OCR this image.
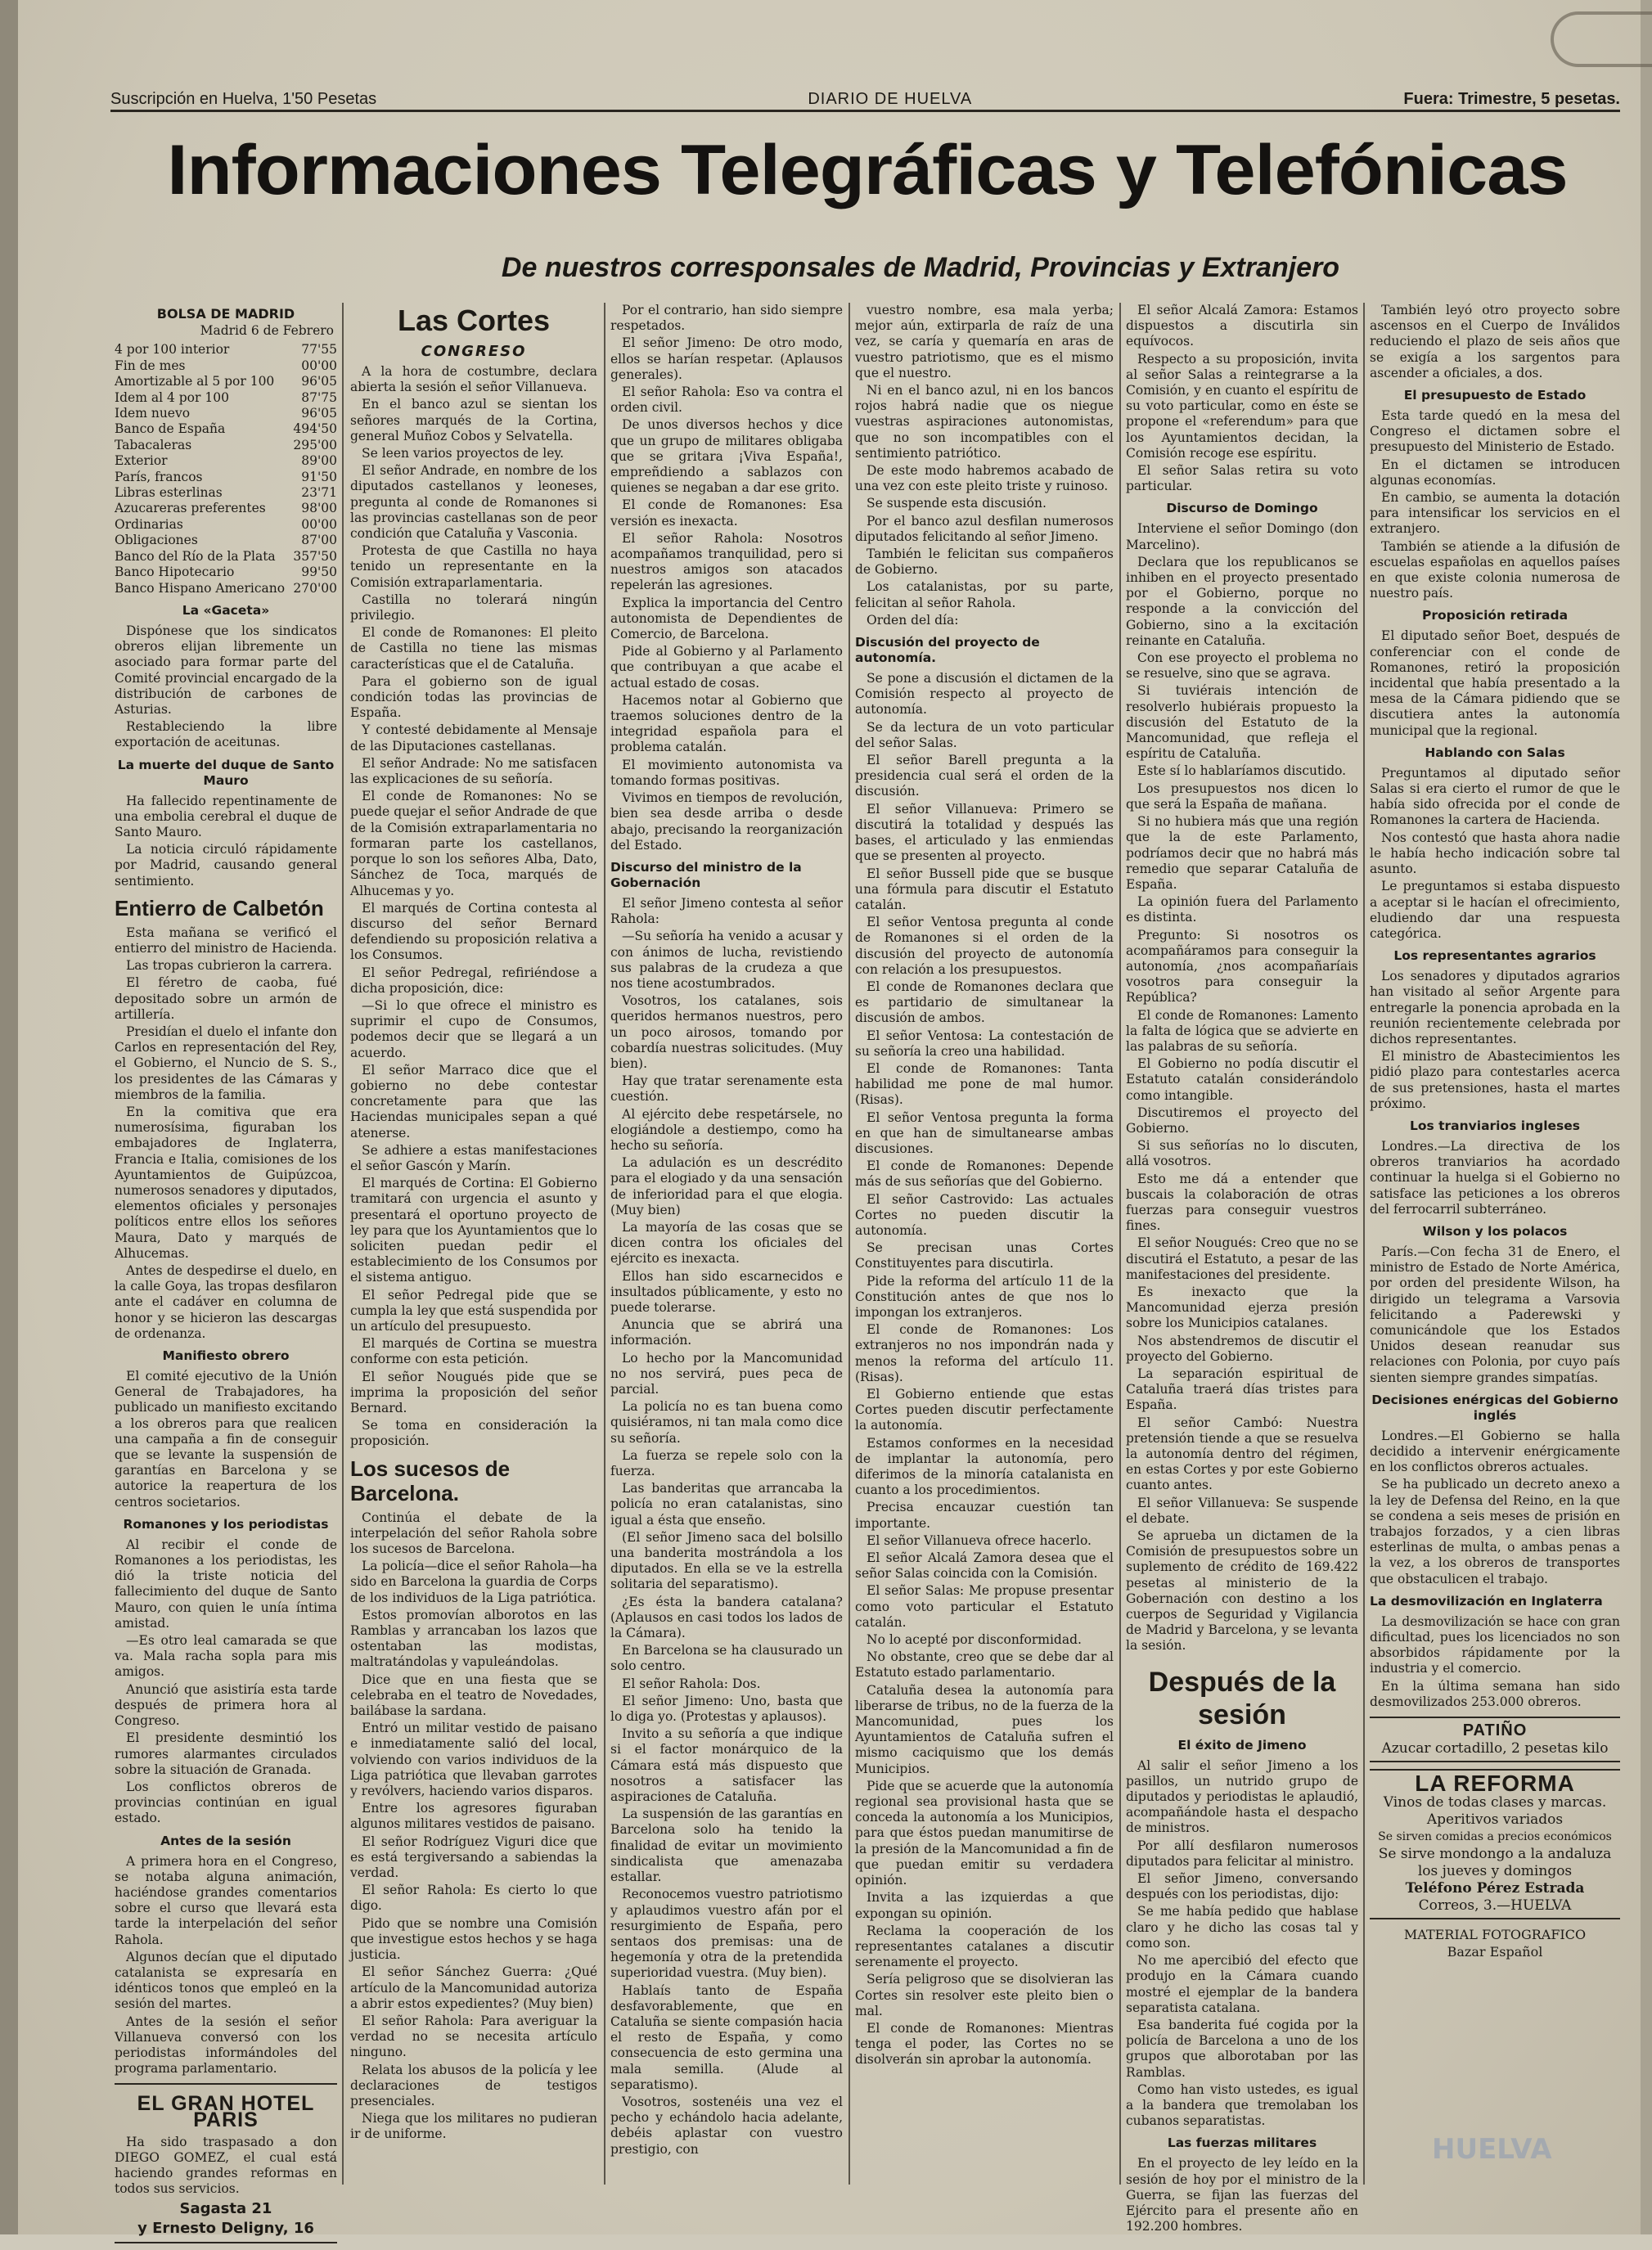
Suscripción en Huelva, 1'50 Pesetas	DIARIO DE HUELVA	Fuera: Trimestre, 5 pesetas.
Informaciones Telegráficas y Telefónicas
De nuestros corresponsales de Madrid, Provincias y Extranjero
BOLSA DE MADRID
Madrid 6 de Febrero
4 por 100 interior	77'55
Fin de mes	00'00
Amortizable al 5 por 100 96'05
Idem al 4 por 100	87'75
Idem nuevo	96'05
Banco de España	494'50
Tabacaleras	295'00
Exterior	89'00
París, francos	91'50
Libras esterlinas	23'71
Azucareras preferentes	98'00
Ordinarias	00'00
Obligaciones	87'00
Banco del Río de la Plata 357'50
Banco Hipotecario	99'50
Banco Hispano Americano 270'00
La «Gaceta»

Dispónese que los sindicatos obreros elijan libremente un asociado para formar parte del Comité provincial encargado de la distribución de carbones de Asturias.

Restableciendo la libre exportación de aceitunas.

La muerte del duque de Santo Mauro

Ha fallecido repentinamente de una embolia cerebral el duque de Santo Mauro.

La noticia circuló rápidamente por Madrid, causando general sentimiento.

Entierro de Calbetón

Esta mañana se verificó el entierro del ministro de Hacienda.

Las tropas cubrieron la carrera.

El féretro de caoba, fué depositado sobre un armón de artillería.

Presidían el duelo el infante don Carlos en representación del Rey, el Gobierno, el Nuncio de S. S., los presidentes de las Cámaras y miembros de la familia.

En la comitiva que era numerosísima, figuraban los embajadores de Inglaterra, Francia e Italia, comisiones de los Ayuntamientos de Guipúzcoa, numerosos senadores y diputados, elementos oficiales y personajes políticos entre ellos los señores Maura, Dato y marqués de Alhucemas.

Antes de despedirse el duelo, en la calle Goya, las tropas desfilaron ante el cadáver en columna de honor y se hicieron las descargas de ordenanza.

Manifiesto obrero

El comité ejecutivo de la Unión General de Trabajadores, ha publicado un manifiesto excitando a los obreros para que realicen una campaña a fin de conseguir que se levante la suspensión de garantías en Barcelona y se autorice la reapertura de los centros societarios.

Romanones y los periodistas

Al recibir el conde de Romanones a los periodistas, les dió la triste noticia del fallecimiento del duque de Santo Mauro, con quien le unía íntima amistad.

—Es otro leal camarada se que va. Mala racha sopla para mis amigos.

Anunció que asistiría esta tarde después de primera hora al Congreso.

El presidente desmintió los rumores alarmantes circulados sobre la situación de Granada.

Los conflictos obreros de provincias continúan en igual estado.

Antes de la sesión

A primera hora en el Congreso, se notaba alguna animación, haciéndose grandes comentarios sobre el curso que llevará esta tarde la interpelación del señor Rahola.

Algunos decían que el diputado catalanista se expresaría en idénticos tonos que empleó en la sesión del martes.

Antes de la sesión el señor Villanueva conversó con los periodistas informándoles del programa parlamentario.

EL GRAN HOTEL PARIS

Ha sido traspasado a don DIEGO GOMEZ, el cual está haciendo grandes reformas en todos sus servicios.

Sagasta 21
y Ernesto Deligny, 16
Las Cortes
CONGRESO

A la hora de costumbre, declara abierta la sesión el señor Villanueva.

En el banco azul se sientan los señores marqués de la Cortina, general Muñoz Cobos y Selvatella.

Se leen varios proyectos de ley.

El señor Andrade, en nombre de los diputados castellanos y leoneses, pregunta al conde de Romanones si las provincias castellanas son de peor condición que Cataluña y Vasconia.

Protesta de que Castilla no haya tenido un representante en la Comisión extraparlamentaria.

Castilla no tolerará ningún privilegio.

El conde de Romanones: El pleito de Castilla no tiene las mismas características que el de Cataluña.

Para el gobierno son de igual condición todas las provincias de España.

Y contesté debidamente al Mensaje de las Diputaciones castellanas.

El señor Andrade: No me satisfacen las explicaciones de su señoría.

El conde de Romanones: No se puede quejar el señor Andrade de que de la Comisión extraparlamentaria no formaran parte los castellanos, porque lo son los señores Alba, Dato, Sánchez de Toca, marqués de Alhucemas y yo.

El marqués de Cortina contesta al discurso del señor Bernard defendiendo su proposición relativa a los Consumos.

El señor Pedregal, refiriéndose a dicha proposición, dice:

—Si lo que ofrece el ministro es suprimir el cupo de Consumos, podemos decir que se llegará a un acuerdo.

El señor Marraco dice que el gobierno no debe contestar concretamente para que las Haciendas municipales sepan a qué atenerse.

Se adhiere a estas manifestaciones el señor Gascón y Marín.

El marqués de Cortina: El Gobierno tramitará con urgencia el asunto y presentará el oportuno proyecto de ley para que los Ayuntamientos que lo soliciten puedan pedir el establecimiento de los Consumos por el sistema antiguo.

El señor Pedregal pide que se cumpla la ley que está suspendida por un artículo del presupuesto.

El marqués de Cortina se muestra conforme con esta petición.

El señor Nougués pide que se imprima la proposición del señor Bernard.

Se toma en consideración la proposición.

Los sucesos de Barcelona.

Continúa el debate de la interpelación del señor Rahola sobre los sucesos de Barcelona.

La policía—dice el señor Rahola—ha sido en Barcelona la guardia de Corps de los individuos de la Liga patriótica.

Estos promovían alborotos en las Ramblas y arrancaban los lazos que ostentaban las modistas, maltratándolas y vapuleándolas.

Dice que en una fiesta que se celebraba en el teatro de Novedades, bailábase la sardana.

Entró un militar vestido de paisano e inmediatamente salió del local, volviendo con varios individuos de la Liga patriótica que llevaban garrotes y revólvers, haciendo varios disparos.

Entre los agresores figuraban algunos militares vestidos de paisano.

El señor Rodríguez Viguri dice que es está tergiversando a sabiendas la verdad.

El señor Rahola: Es cierto lo que digo.

Pido que se nombre una Comisión que investigue estos hechos y se haga justicia.

El señor Sánchez Guerra: ¿Qué artículo de la Mancomunidad autoriza a abrir estos expedientes? (Muy bien)

El señor Rahola: Para averiguar la verdad no se necesita artículo ninguno.

Relata los abusos de la policía y lee declaraciones de testigos presenciales.

Niega que los militares no pudieran ir de uniforme.

Por el contrario, han sido siempre respetados.

El señor Jimeno: De otro modo, ellos se harían respetar. (Aplausos generales).

El señor Rahola: Eso va contra el orden civil.

De unos diversos hechos y dice que un grupo de militares obligaba que se gritara ¡Viva España!, empreñdiendo a sablazos con quienes se negaban a dar ese grito.

El conde de Romanones: Esa versión es inexacta.

El señor Rahola: Nosotros acompañamos tranquilidad, pero si nuestros amigos son atacados repelerán las agresiones.

Explica la importancia del Centro autonomista de Dependientes de Comercio, de Barcelona.

Pide al Gobierno y al Parlamento que contribuyan a que acabe el actual estado de cosas.

Hacemos notar al Gobierno que traemos soluciones dentro de la integridad española para el problema catalán.

El movimiento autonomista va tomando formas positivas.

Vivimos en tiempos de revolución, bien sea desde arriba o desde abajo, precisando la reorganización del Estado.

Discurso del ministro de la Gobernación

El señor Jimeno contesta al señor Rahola:

—Su señoría ha venido a acusar y con ánimos de lucha, revistiendo sus palabras de la crudeza a que nos tiene acostumbrados.

Vosotros, los catalanes, sois queridos hermanos nuestros, pero un poco airosos, tomando por cobardía nuestras solicitudes. (Muy bien).

Hay que tratar serenamente esta cuestión.

Al ejército debe respetársele, no elogiándole a destiempo, como ha hecho su señoría.

La adulación es un descrédito para el elogiado y da una sensación de inferioridad para el que elogia. (Muy bien)

La mayoría de las cosas que se dicen contra los oficiales del ejército es inexacta.

Ellos han sido escarnecidos e insultados públicamente, y esto no puede tolerarse.

Anuncia que se abrirá una información.

Lo hecho por la Mancomunidad no nos servirá, pues peca de parcial.

La policía no es tan buena como quisiéramos, ni tan mala como dice su señoría.

La fuerza se repele solo con la fuerza.

Las banderitas que arrancaba la policía no eran catalanistas, sino igual a ésta que enseño.

(El señor Jimeno saca del bolsillo una banderita mostrándola a los diputados. En ella se ve la estrella solitaria del separatismo).

¿Es ésta la bandera catalana? (Aplausos en casi todos los lados de la Cámara).

En Barcelona se ha clausurado un solo centro.

El señor Rahola: Dos.

El señor Jimeno: Uno, basta que lo diga yo. (Protestas y aplausos).

Invito a su señoría a que indique si el factor monárquico de la Cámara está más dispuesto que nosotros a satisfacer las aspiraciones de Cataluña.

La suspensión de las garantías en Barcelona solo ha tenido la finalidad de evitar un movimiento sindicalista que amenazaba estallar.

Reconocemos vuestro patriotismo y aplaudimos vuestro afán por el resurgimiento de España, pero sentaos dos premisas: una de hegemonía y otra de la pretendida superioridad vuestra. (Muy bien).

Hablaís tanto de España desfavorablemente, que en Cataluña se siente compasión hacia el resto de España, y como consecuencia de esto germina una mala semilla. (Alude al separatismo).

Vosotros, sostenéis una vez el pecho y echándolo hacia adelante, debéis aplastar con vuestro prestigio, con

vuestro nombre, esa mala yerba; mejor aún, extirparla de raíz de una vez, se caría y quemaría en aras de vuestro patriotismo, que es el mismo que el nuestro.

Ni en el banco azul, ni en los bancos rojos habrá nadie que os niegue vuestras aspiraciones autonomistas, que no son incompatibles con el sentimiento patriótico.

De este modo habremos acabado de una vez con este pleito triste y ruinoso.

Se suspende esta discusión.

Por el banco azul desfilan numerosos diputados felicitando al señor Jimeno.

También le felicitan sus compañeros de Gobierno.

Los catalanistas, por su parte, felicitan al señor Rahola.

Orden del día:

Discusión del proyecto de autonomía.

Se pone a discusión el dictamen de la Comisión respecto al proyecto de autonomía.

Se da lectura de un voto particular del señor Salas.

El señor Barell pregunta a la presidencia cual será el orden de la discusión.

El señor Villanueva: Primero se discutirá la totalidad y después las bases, el articulado y las enmiendas que se presenten al proyecto.

El señor Bussell pide que se busque una fórmula para discutir el Estatuto catalán.

El señor Ventosa pregunta al conde de Romanones si el orden de la discusión del proyecto de autonomía con relación a los presupuestos.

El conde de Romanones declara que es partidario de simultanear la discusión de ambos.

El señor Ventosa: La contestación de su señoría la creo una habilidad.

El conde de Romanones: Tanta habilidad me pone de mal humor. (Risas).

El señor Ventosa pregunta la forma en que han de simultanearse ambas discusiones.

El conde de Romanones: Depende más de sus señorías que del Gobierno.

El señor Castrovido: Las actuales Cortes no pueden discutir la autonomía.

Se precisan unas Cortes Constituyentes para discutirla.

Pide la reforma del artículo 11 de la Constitución antes de que nos lo impongan los extranjeros.

El conde de Romanones: Los extranjeros no nos impondrán nada y menos la reforma del artículo 11. (Risas).

El Gobierno entiende que estas Cortes pueden discutir perfectamente la autonomía.

Estamos conformes en la necesidad de implantar la autonomía, pero diferimos de la minoría catalanista en cuanto a los procedimientos.

Precisa encauzar cuestión tan importante.

El señor Villanueva ofrece hacerlo.

El señor Alcalá Zamora desea que el señor Salas coincida con la Comisión.

El señor Salas: Me propuse presentar como voto particular el Estatuto catalán.

No lo acepté por disconformidad.

No obstante, creo que se debe dar al Estatuto estado parlamentario.

Cataluña desea la autonomía para liberarse de tribus, no de la fuerza de la Mancomunidad, pues los Ayuntamientos de Cataluña sufren el mismo caciquismo que los demás Municipios.

Pide que se acuerde que la autonomía regional sea provisional hasta que se conceda la autonomía a los Municipios, para que éstos puedan manumitirse de la presión de la Mancomunidad a fin de que puedan emitir su verdadera opinión.

Invita a las izquierdas a que expongan su opinión.

Reclama la cooperación de los representantes catalanes a discutir serenamente el proyecto.

Sería peligroso que se disolvieran las Cortes sin resolver este pleito bien o mal.

El conde de Romanones: Mientras tenga el poder, las Cortes no se disolverán sin aprobar la autonomía.

El señor Alcalá Zamora: Estamos dispuestos a discutirla sin equívocos.

Respecto a su proposición, invita al señor Salas a reintegrarse a la Comisión, y en cuanto el espíritu de su voto particular, como en éste se propone el «referendum» para que los Ayuntamientos decidan, la Comisión recoge ese espíritu.

El señor Salas retira su voto particular.

Discurso de Domingo

Interviene el señor Domingo (don Marcelino).

Declara que los republicanos se inhiben en el proyecto presentado por el Gobierno, porque no responde a la convicción del Gobierno, sino a la excitación reinante en Cataluña.

Con ese proyecto el problema no se resuelve, sino que se agrava.

Si tuviérais intención de resolverlo hubiérais propuesto la discusión del Estatuto de la Mancomunidad, que refleja el espíritu de Cataluña.

Este sí lo hablaríamos discutido.

Los presupuestos nos dicen lo que será la España de mañana.

Si no hubiera más que una región que la de este Parlamento, podríamos decir que no habrá más remedio que separar Cataluña de España.

La opinión fuera del Parlamento es distinta.

Pregunto: Si nosotros os acompañáramos para conseguir la autonomía, ¿nos acompañaríais vosotros para conseguir la República?

El conde de Romanones: Lamento la falta de lógica que se advierte en las palabras de su señoría.

El Gobierno no podía discutir el Estatuto catalán considerándolo como intangible.

Discutiremos el proyecto del Gobierno.

Si sus señorías no lo discuten, allá vosotros.

Esto me dá a entender que buscais la colaboración de otras fuerzas para conseguir vuestros fines.

El señor Nougués: Creo que no se discutirá el Estatuto, a pesar de las manifestaciones del presidente.

Es inexacto que la Mancomunidad ejerza presión sobre los Municipios catalanes.

Nos abstendremos de discutir el proyecto del Gobierno.

La separación espiritual de Cataluña traerá días tristes para España.

El señor Cambó: Nuestra pretensión tiende a que se resuelva la autonomía dentro del régimen, en estas Cortes y por este Gobierno cuanto antes.

El señor Villanueva: Se suspende el debate.

Se aprueba un dictamen de la Comisión de presupuestos sobre un suplemento de crédito de 169.422 pesetas al ministerio de la Gobernación con destino a los cuerpos de Seguridad y Vigilancia de Madrid y Barcelona, y se levanta la sesión.

Después de la sesión
El éxito de Jimeno

Al salir el señor Jimeno a los pasillos, un nutrido grupo de diputados y periodistas le aplaudió, acompañándole hasta el despacho de ministros.

Por allí desfilaron numerosos diputados para felicitar al ministro.

El señor Jimeno, conversando después con los periodistas, dijo:

Se me había pedido que hablase claro y he dicho las cosas tal y como son.

No me apercibió del efecto que produjo en la Cámara cuando mostré el ejemplar de la bandera separatista catalana.

Esa banderita fué cogida por la policía de Barcelona a uno de los grupos que alborotaban por las Ramblas.

Como han visto ustedes, es igual a la bandera que tremolaban los cubanos separatistas.

Las fuerzas militares

En el proyecto de ley leído en la sesión de hoy por el ministro de la Guerra, se fijan las fuerzas del Ejército para el presente año en 192.200 hombres.

También leyó otro proyecto sobre ascensos en el Cuerpo de Inválidos reduciendo el plazo de seis años que se exigía a los sargentos para ascender a oficiales, a dos.

El presupuesto de Estado

Esta tarde quedó en la mesa del Congreso el dictamen sobre el presupuesto del Ministerio de Estado.

En el dictamen se introducen algunas economías.

En cambio, se aumenta la dotación para intensificar los servicios en el extranjero.

También se atiende a la difusión de escuelas españolas en aquellos países en que existe colonia numerosa de nuestro país.

Proposición retirada

El diputado señor Boet, después de conferenciar con el conde de Romanones, retiró la proposición incidental que había presentado a la mesa de la Cámara pidiendo que se discutiera antes la autonomía municipal que la regional.

Hablando con Salas

Preguntamos al diputado señor Salas si era cierto el rumor de que le había sido ofrecida por el conde de Romanones la cartera de Hacienda.

Nos contestó que hasta ahora nadie le había hecho indicación sobre tal asunto.

Le preguntamos si estaba dispuesto a aceptar si le hacían el ofrecimiento, eludiendo dar una respuesta categórica.

Los representantes agrarios

Los senadores y diputados agrarios han visitado al señor Argente para entregarle la ponencia aprobada en la reunión recientemente celebrada por dichos representantes.

El ministro de Abastecimientos les pidió plazo para contestarles acerca de sus pretensiones, hasta el martes próximo.

Los tranviarios ingleses

Londres.—La directiva de los obreros tranviarios ha acordado continuar la huelga si el Gobierno no satisface las peticiones a los obreros del ferrocarril subterráneo.

Wilson y los polacos

París.—Con fecha 31 de Enero, el ministro de Estado de Norte América, por orden del presidente Wilson, ha dirigido un telegrama a Varsovia felicitando a Paderewski y comunicándole que los Estados Unidos desean reanudar sus relaciones con Polonia, por cuyo país sienten siempre grandes simpatías.

Decisiones enérgicas del Gobierno inglés

Londres.—El Gobierno se halla decidido a intervenir enérgicamente en los conflictos obreros actuales.

Se ha publicado un decreto anexo a la ley de Defensa del Reino, en la que se condena a seis meses de prisión en trabajos forzados, y a cien libras esterlinas de multa, o ambas penas a la vez, a los obreros de transportes que obstaculicen el trabajo.

La desmovilización en Inglaterra

La desmovilización se hace con gran dificultad, pues los licenciados no son absorbidos rápidamente por la industria y el comercio.

En la última semana han sido desmovilizados 253.000 obreros.

PATIÑO
Azucar cortadillo, 2 pesetas kilo
LA REFORMA
Vinos de todas clases y marcas.
Aperitivos variados
Se sirven comidas a precios económicos
Se sirve mondongo a la andaluza los jueves y domingos
Teléfono Pérez Estrada
Correos, 3.—HUELVA
MATERIAL FOTOGRAFICO
Bazar Español
HUELVA
